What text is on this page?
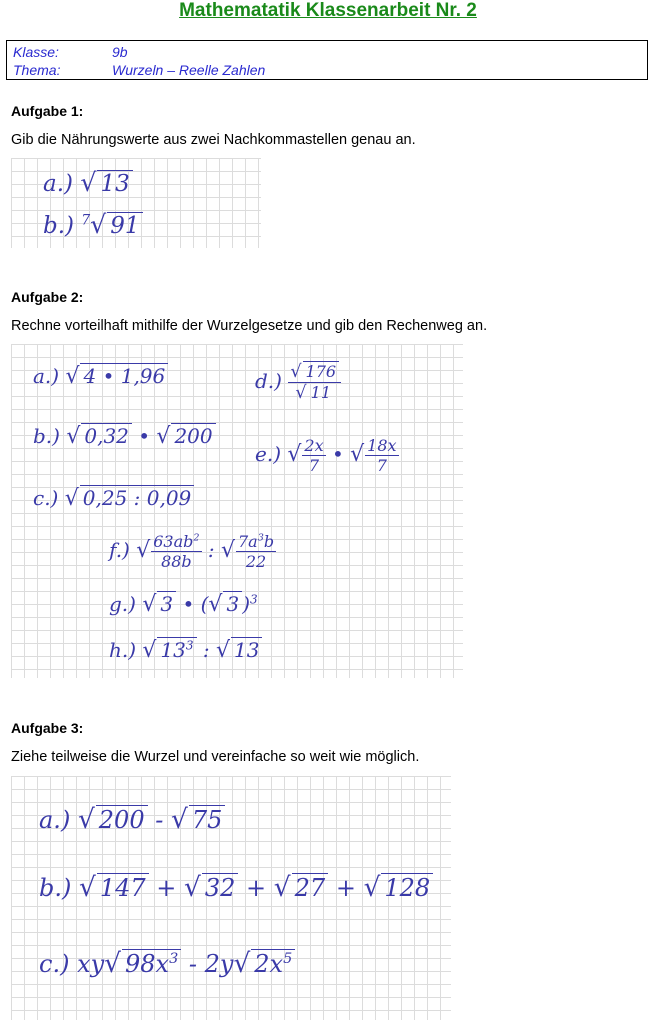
Mathematatik Klassenarbeit Nr. 2
Klasse:	9b
Thema:	Wurzeln – Reelle Zahlen
Aufgabe 1:
Gib die Nährungswerte aus zwei Nachkommastellen genau an.
a.) √ 13
b.) $^7$√ 91
Aufgabe 2:
Rechne vorteilhaft mithilfe der Wurzelgesetze und gib den Rechenweg an.
a.) √ 4 • 1,96	$d.) \frac{√ 176}{√ 11}$
b.) √ 0,32 • √ 200
e.) √ $\frac{2x}{7}$ • √ $\frac{18x}{7}$
c.) √ 0,25 : 0,09
f.) √ $\frac{63ab^2}{88b}$ : √ $\frac{7a^3b}{22}$
g.) √ 3 • (√ 3 )$^3$
h.) √ $13^3$ : √ 13
Aufgabe 3:
Ziehe teilweise die Wurzel und vereinfache so weit wie möglich.
a.) √ 200 - √ 75
b.) √ 147 + √ 32 + √ 27 + √ 128
c.) xy√ $98x^3 - 2y√$ $2x^5$
